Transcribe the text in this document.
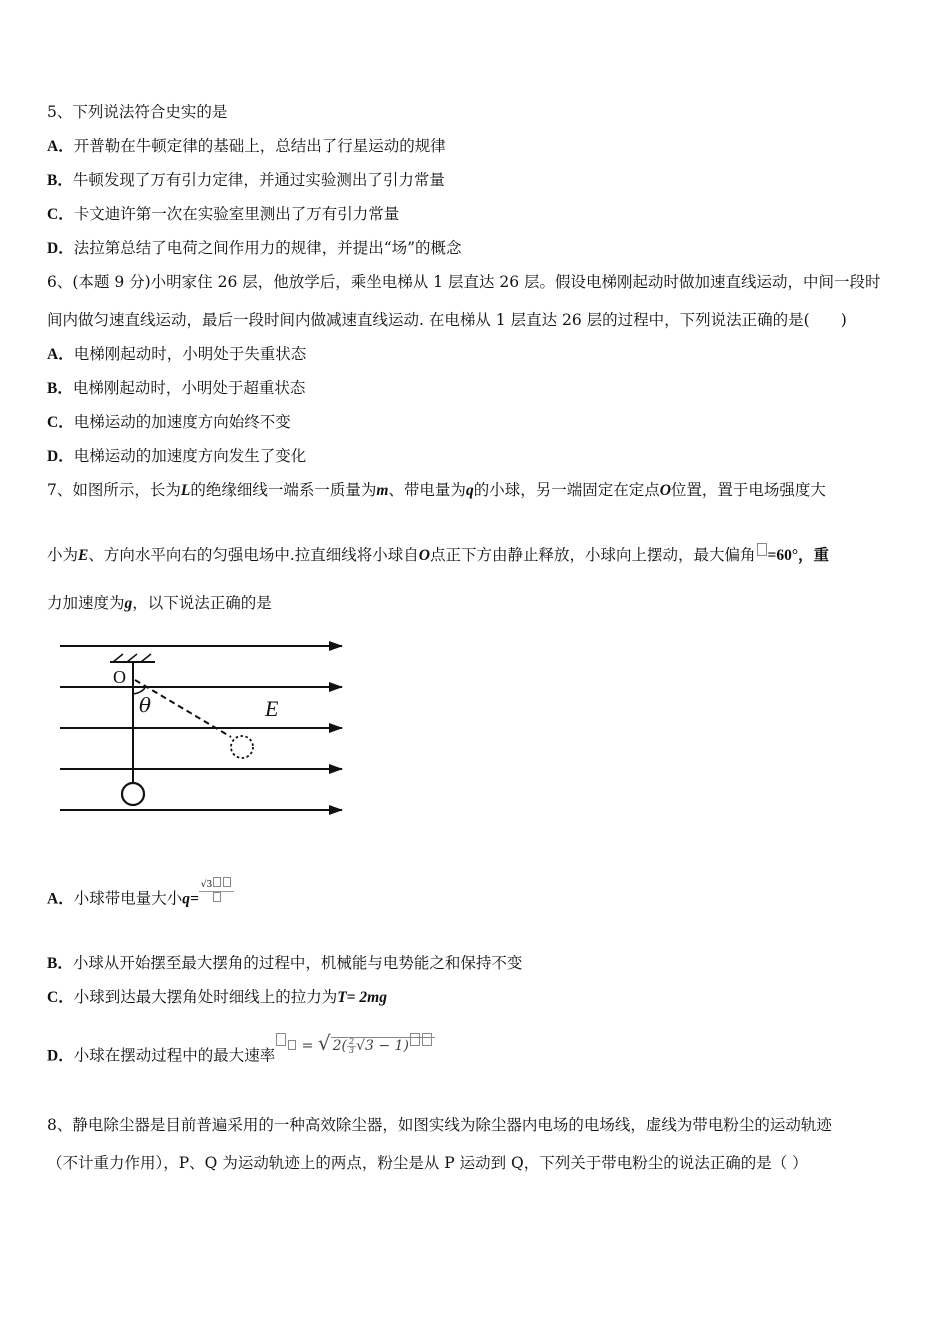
5、下列说法符合史实的是
A．开普勒在牛顿定律的基础上，总结出了行星运动的规律
B．牛顿发现了万有引力定律，并通过实验测出了引力常量
C．卡文迪许第一次在实验室里测出了万有引力常量
D．法拉第总结了电荷之间作用力的规律，并提出“场”的概念
6、(本题 9 分)小明家住 26 层，他放学后，乘坐电梯从 1 层直达 26 层。假设电梯刚起动时做加速直线运动，中间一段时
间内做匀速直线运动，最后一段时间内做减速直线运动. 在电梯从 1 层直达 26 层的过程中，下列说法正确的是(　　)
A．电梯刚起动时，小明处于失重状态
B．电梯刚起动时，小明处于超重状态
C．电梯运动的加速度方向始终不变
D．电梯运动的加速度方向发生了变化
7、如图所示，长为L的绝缘细线一端系一质量为m、带电量为q的小球，另一端固定在定点O位置，置于电场强度大
小为E、方向水平向右的匀强电场中.拉直细线将小球自O点正下方由静止释放，小球向上摆动，最大偏角 =60°，重
力加速度为g，以下说法正确的是
O
θ	E
A．小球带电量大小q=
√3
B．小球从开始摆至最大摆角的过程中，机械能与电势能之和保持不变
C．小球到达最大摆角处时细线上的拉力为T= 2mg
D．小球在摆动过程中的最大速率 = √ $2( \frac{2}{3} √3 - 1)$
8、静电除尘器是目前普遍采用的一种高效除尘器，如图实线为除尘器内电场的电场线，虚线为带电粉尘的运动轨迹
（不计重力作用），P、Q 为运动轨迹上的两点，粉尘是从 P 运动到 Q，下列关于带电粉尘的说法正确的是（ ）
